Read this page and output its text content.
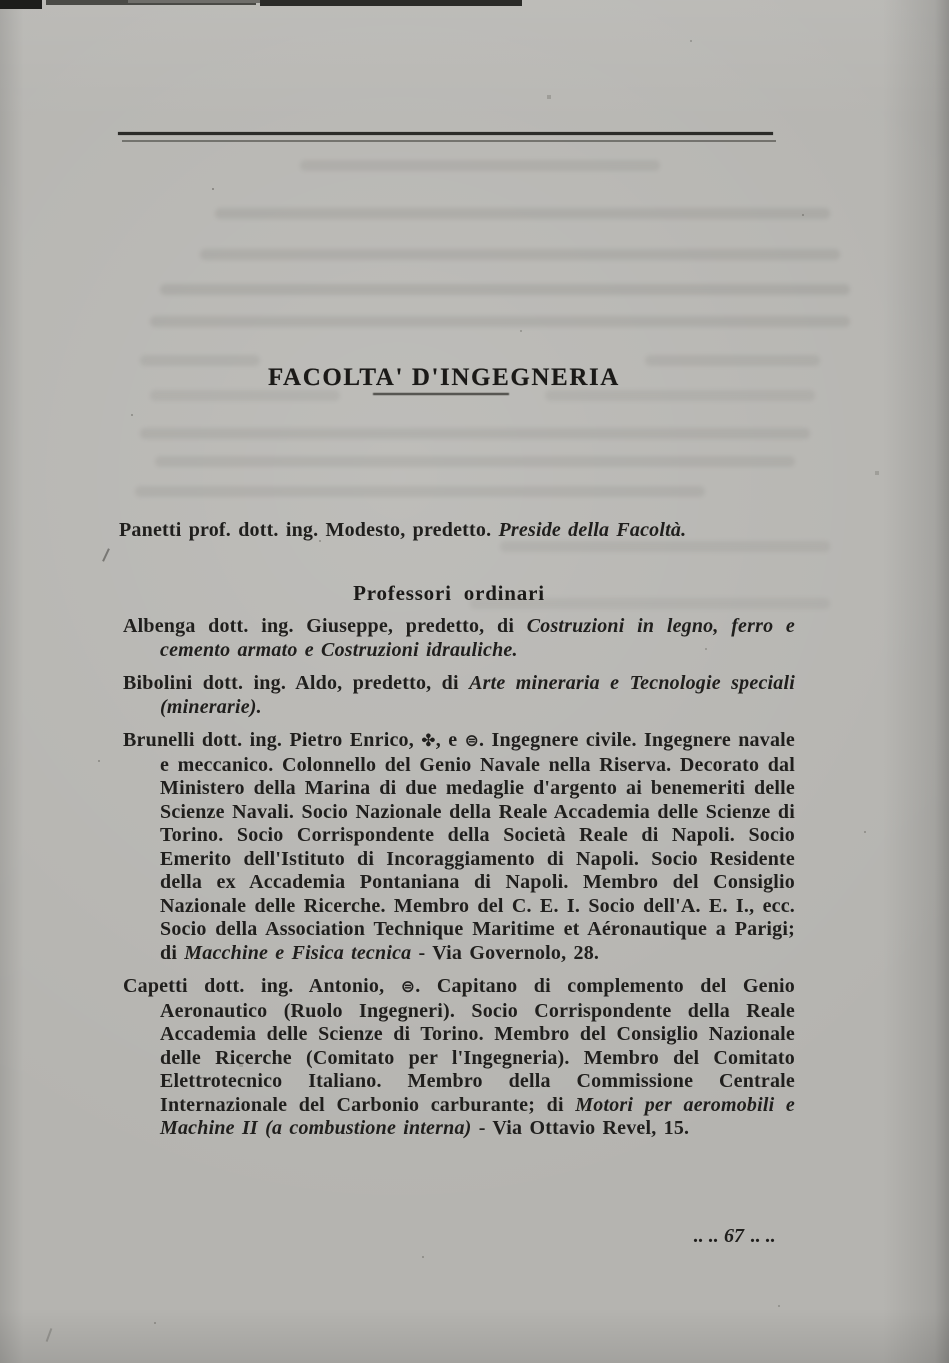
FACOLTA' D'INGEGNERIA

Panetti prof. dott. ing. Modesto, predetto. Preside della Facoltà.

Professori ordinari

Albenga dott. ing. Giuseppe, predetto, di Costruzioni in legno, ferro e cemento armato e Costruzioni idrauliche.

Bibolini dott. ing. Aldo, predetto, di Arte mineraria e Tecnologie speciali (minerarie).

Brunelli dott. ing. Pietro Enrico, ✤, e ⊜. Ingegnere civile. Ingegnere navale e meccanico. Colonnello del Genio Navale nella Riserva. Decorato dal Ministero della Marina di due medaglie d'argento ai benemeriti delle Scienze Navali. Socio Nazionale della Reale Accademia delle Scienze di Torino. Socio Corrispondente della Società Reale di Napoli. Socio Emerito dell'Istituto di Incoraggiamento di Napoli. Socio Residente della ex Accademia Pontaniana di Napoli. Membro del Consiglio Nazionale delle Ricerche. Membro del C. E. I. Socio dell'A. E. I., ecc. Socio della Association Technique Maritime et Aéronautique a Parigi; di Macchine e Fisica tecnica - Via Governolo, 28.

Capetti dott. ing. Antonio, ⊜. Capitano di complemento del Genio Aeronautico (Ruolo Ingegneri). Socio Corrispondente della Reale Accademia delle Scienze di Torino. Membro del Consiglio Nazionale delle Ricerche (Comitato per l'Ingegneria). Membro del Comitato Elettrotecnico Italiano. Membro della Commissione Centrale Internazionale del Carbonio carburante; di Motori per aeromobili e Machine II (a combustione interna) - Via Ottavio Revel, 15.

.. .. 67 .. ..
